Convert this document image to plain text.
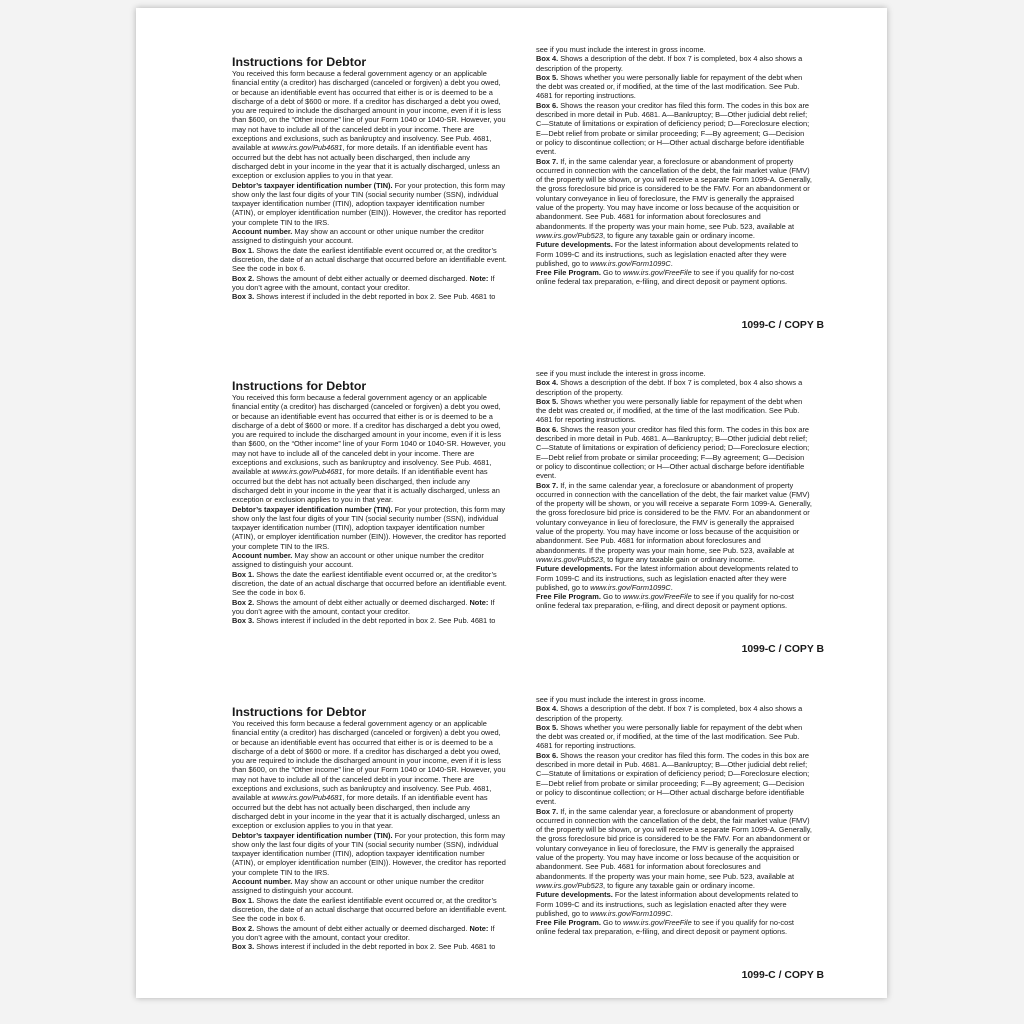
Instructions for Debtor

You received this form because a federal government agency or an applicable financial entity (a creditor) has discharged (canceled or forgiven) a debt you owed, or because an identifiable event has occurred that either is or is deemed to be a discharge of a debt of $600 or more. If a creditor has discharged a debt you owed, you are required to include the discharged amount in your income, even if it is less than $600, on the “Other income” line of your Form 1040 or 1040-SR. However, you may not have to include all of the canceled debt in your income. There are exceptions and exclusions, such as bankruptcy and insolvency. See Pub. 4681, available at www.irs.gov/Pub4681, for more details. If an identifiable event has occurred but the debt has not actually been discharged, then include any discharged debt in your income in the year that it is actually discharged, unless an exception or exclusion applies to you in that year.

Debtor’s taxpayer identification number (TIN). For your protection, this form may show only the last four digits of your TIN (social security number (SSN), individual taxpayer identification number (ITIN), adoption taxpayer identification number (ATIN), or employer identification number (EIN)). However, the creditor has reported your complete TIN to the IRS.

Account number. May show an account or other unique number the creditor assigned to distinguish your account.

Box 1. Shows the date the earliest identifiable event occurred or, at the creditor’s discretion, the date of an actual discharge that occurred before an identifiable event. See the code in box 6.

Box 2. Shows the amount of debt either actually or deemed discharged. Note: If you don’t agree with the amount, contact your creditor.

Box 3. Shows interest if included in the debt reported in box 2. See Pub. 4681 to

see if you must include the interest in gross income.

Box 4. Shows a description of the debt. If box 7 is completed, box 4 also shows a description of the property.

Box 5. Shows whether you were personally liable for repayment of the debt when the debt was created or, if modified, at the time of the last modification. See Pub. 4681 for reporting instructions.

Box 6. Shows the reason your creditor has filed this form. The codes in this box are described in more detail in Pub. 4681. A—Bankruptcy; B—Other judicial debt relief; C—Statute of limitations or expiration of deficiency period; D—Foreclosure election; E—Debt relief from probate or similar proceeding; F—By agreement; G—Decision or policy to discontinue collection; or H—Other actual discharge before identifiable event.

Box 7. If, in the same calendar year, a foreclosure or abandonment of property occurred in connection with the cancellation of the debt, the fair market value (FMV) of the property will be shown, or you will receive a separate Form 1099-A. Generally, the gross foreclosure bid price is considered to be the FMV. For an abandonment or voluntary conveyance in lieu of foreclosure, the FMV is generally the appraised value of the property. You may have income or loss because of the acquisition or abandonment. See Pub. 4681 for information about foreclosures and abandonments. If the property was your main home, see Pub. 523, available at www.irs.gov/Pub523, to figure any taxable gain or ordinary income.

Future developments. For the latest information about developments related to Form 1099-C and its instructions, such as legislation enacted after they were published, go to www.irs.gov/Form1099C.

Free File Program. Go to www.irs.gov/FreeFile to see if you qualify for no-cost online federal tax preparation, e-filing, and direct deposit or payment options.

1099-C / COPY B

Instructions for Debtor

You received this form because a federal government agency or an applicable financial entity (a creditor) has discharged (canceled or forgiven) a debt you owed, or because an identifiable event has occurred that either is or is deemed to be a discharge of a debt of $600 or more. If a creditor has discharged a debt you owed, you are required to include the discharged amount in your income, even if it is less than $600, on the “Other income” line of your Form 1040 or 1040-SR. However, you may not have to include all of the canceled debt in your income. There are exceptions and exclusions, such as bankruptcy and insolvency. See Pub. 4681, available at www.irs.gov/Pub4681, for more details. If an identifiable event has occurred but the debt has not actually been discharged, then include any discharged debt in your income in the year that it is actually discharged, unless an exception or exclusion applies to you in that year.

Debtor’s taxpayer identification number (TIN). For your protection, this form may show only the last four digits of your TIN (social security number (SSN), individual taxpayer identification number (ITIN), adoption taxpayer identification number (ATIN), or employer identification number (EIN)). However, the creditor has reported your complete TIN to the IRS.

Account number. May show an account or other unique number the creditor assigned to distinguish your account.

Box 1. Shows the date the earliest identifiable event occurred or, at the creditor’s discretion, the date of an actual discharge that occurred before an identifiable event. See the code in box 6.

Box 2. Shows the amount of debt either actually or deemed discharged. Note: If you don’t agree with the amount, contact your creditor.

Box 3. Shows interest if included in the debt reported in box 2. See Pub. 4681 to

see if you must include the interest in gross income.

Box 4. Shows a description of the debt. If box 7 is completed, box 4 also shows a description of the property.

Box 5. Shows whether you were personally liable for repayment of the debt when the debt was created or, if modified, at the time of the last modification. See Pub. 4681 for reporting instructions.

Box 6. Shows the reason your creditor has filed this form. The codes in this box are described in more detail in Pub. 4681. A—Bankruptcy; B—Other judicial debt relief; C—Statute of limitations or expiration of deficiency period; D—Foreclosure election; E—Debt relief from probate or similar proceeding; F—By agreement; G—Decision or policy to discontinue collection; or H—Other actual discharge before identifiable event.

Box 7. If, in the same calendar year, a foreclosure or abandonment of property occurred in connection with the cancellation of the debt, the fair market value (FMV) of the property will be shown, or you will receive a separate Form 1099-A. Generally, the gross foreclosure bid price is considered to be the FMV. For an abandonment or voluntary conveyance in lieu of foreclosure, the FMV is generally the appraised value of the property. You may have income or loss because of the acquisition or abandonment. See Pub. 4681 for information about foreclosures and abandonments. If the property was your main home, see Pub. 523, available at www.irs.gov/Pub523, to figure any taxable gain or ordinary income.

Future developments. For the latest information about developments related to Form 1099-C and its instructions, such as legislation enacted after they were published, go to www.irs.gov/Form1099C.

Free File Program. Go to www.irs.gov/FreeFile to see if you qualify for no-cost online federal tax preparation, e-filing, and direct deposit or payment options.

1099-C / COPY B

Instructions for Debtor

You received this form because a federal government agency or an applicable financial entity (a creditor) has discharged (canceled or forgiven) a debt you owed, or because an identifiable event has occurred that either is or is deemed to be a discharge of a debt of $600 or more. If a creditor has discharged a debt you owed, you are required to include the discharged amount in your income, even if it is less than $600, on the “Other income” line of your Form 1040 or 1040-SR. However, you may not have to include all of the canceled debt in your income. There are exceptions and exclusions, such as bankruptcy and insolvency. See Pub. 4681, available at www.irs.gov/Pub4681, for more details. If an identifiable event has occurred but the debt has not actually been discharged, then include any discharged debt in your income in the year that it is actually discharged, unless an exception or exclusion applies to you in that year.

Debtor’s taxpayer identification number (TIN). For your protection, this form may show only the last four digits of your TIN (social security number (SSN), individual taxpayer identification number (ITIN), adoption taxpayer identification number (ATIN), or employer identification number (EIN)). However, the creditor has reported your complete TIN to the IRS.

Account number. May show an account or other unique number the creditor assigned to distinguish your account.

Box 1. Shows the date the earliest identifiable event occurred or, at the creditor’s discretion, the date of an actual discharge that occurred before an identifiable event. See the code in box 6.

Box 2. Shows the amount of debt either actually or deemed discharged. Note: If you don’t agree with the amount, contact your creditor.

Box 3. Shows interest if included in the debt reported in box 2. See Pub. 4681 to

see if you must include the interest in gross income.

Box 4. Shows a description of the debt. If box 7 is completed, box 4 also shows a description of the property.

Box 5. Shows whether you were personally liable for repayment of the debt when the debt was created or, if modified, at the time of the last modification. See Pub. 4681 for reporting instructions.

Box 6. Shows the reason your creditor has filed this form. The codes in this box are described in more detail in Pub. 4681. A—Bankruptcy; B—Other judicial debt relief; C—Statute of limitations or expiration of deficiency period; D—Foreclosure election; E—Debt relief from probate or similar proceeding; F—By agreement; G—Decision or policy to discontinue collection; or H—Other actual discharge before identifiable event.

Box 7. If, in the same calendar year, a foreclosure or abandonment of property occurred in connection with the cancellation of the debt, the fair market value (FMV) of the property will be shown, or you will receive a separate Form 1099-A. Generally, the gross foreclosure bid price is considered to be the FMV. For an abandonment or voluntary conveyance in lieu of foreclosure, the FMV is generally the appraised value of the property. You may have income or loss because of the acquisition or abandonment. See Pub. 4681 for information about foreclosures and abandonments. If the property was your main home, see Pub. 523, available at www.irs.gov/Pub523, to figure any taxable gain or ordinary income.

Future developments. For the latest information about developments related to Form 1099-C and its instructions, such as legislation enacted after they were published, go to www.irs.gov/Form1099C.

Free File Program. Go to www.irs.gov/FreeFile to see if you qualify for no-cost online federal tax preparation, e-filing, and direct deposit or payment options.

1099-C / COPY B
